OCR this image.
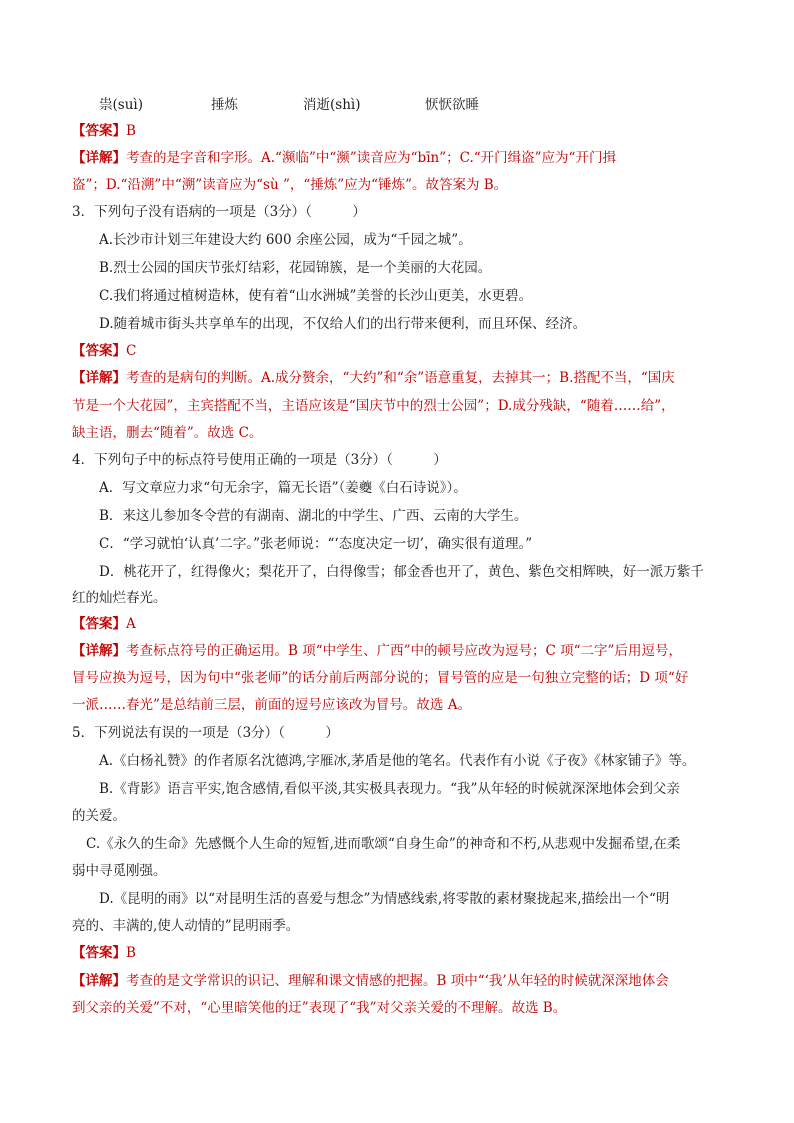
祟(suì)	捶炼	消逝(shì)	恹恹欲睡
【答案】B
【详解】考查的是字音和字形。A.“濒临”中“濒”读音应为“bīn”；C.“开门缉盗”应为“开门揖
盗”；D.“沿溯”中“溯”读音应为“sù ”，“捶炼”应为“锤炼”。故答案为 B。
3．下列句子没有语病的一项是（3分）（　　　）
A.长沙市计划三年建设大约 600 余座公园，成为“千园之城”。
B.烈士公园的国庆节张灯结彩，花园锦簇，是一个美丽的大花园。
C.我们将通过植树造林，使有着“山水洲城”美誉的长沙山更美，水更碧。
D.随着城市街头共享单车的出现，不仅给人们的出行带来便利，而且环保、经济。
【答案】C
【详解】考查的是病句的判断。A.成分赘余，“大约”和“余”语意重复，去掉其一；B.搭配不当，“国庆
节是一个大花园”，主宾搭配不当，主语应该是“国庆节中的烈士公园”；D.成分残缺，“随着……给”，
缺主语，删去“随着”。故选 C。
4．下列句子中的标点符号使用正确的一项是（3分）（　　　）
A．写文章应力求“句无余字，篇无长语”（姜夔《白石诗说》）。
B．来这儿参加冬令营的有湖南、湖北的中学生、广西、云南的大学生。
C．“学习就怕‘认真’二字。”张老师说：“‘态度决定一切’，确实很有道理。”
D．桃花开了，红得像火；梨花开了，白得像雪；郁金香也开了，黄色、紫色交相辉映，好一派万紫千
红的灿烂春光。
【答案】A
【详解】考查标点符号的正确运用。B 项“中学生、广西”中的顿号应改为逗号；C 项“二字”后用逗号，
冒号应换为逗号，因为句中“张老师”的话分前后两部分说的；冒号管的应是一句独立完整的话；D 项“好
一派……春光”是总结前三层，前面的逗号应该改为冒号。故选 A。
5．下列说法有误的一项是（3分）（　　　）
A.《白杨礼赞》的作者原名沈德鸿,字雁冰,茅盾是他的笔名。代表作有小说《子夜》《林家铺子》等。
B.《背影》语言平实,饱含感情,看似平淡,其实极具表现力。“我”从年轻的时候就深深地体会到父亲
的关爱。
C.《永久的生命》先感慨个人生命的短暂,进而歌颂“自身生命”的神奇和不朽,从悲观中发掘希望,在柔
弱中寻觅刚强。
D.《昆明的雨》以“对昆明生活的喜爱与想念”为情感线索,将零散的素材聚拢起来,描绘出一个“明
亮的、丰满的,使人动情的”昆明雨季。
【答案】B
【详解】考查的是文学常识的识记、理解和课文情感的把握。B 项中“‘我’从年轻的时候就深深地体会
到父亲的关爱”不对，“心里暗笑他的迂”表现了“我”对父亲关爱的不理解。故选 B。
